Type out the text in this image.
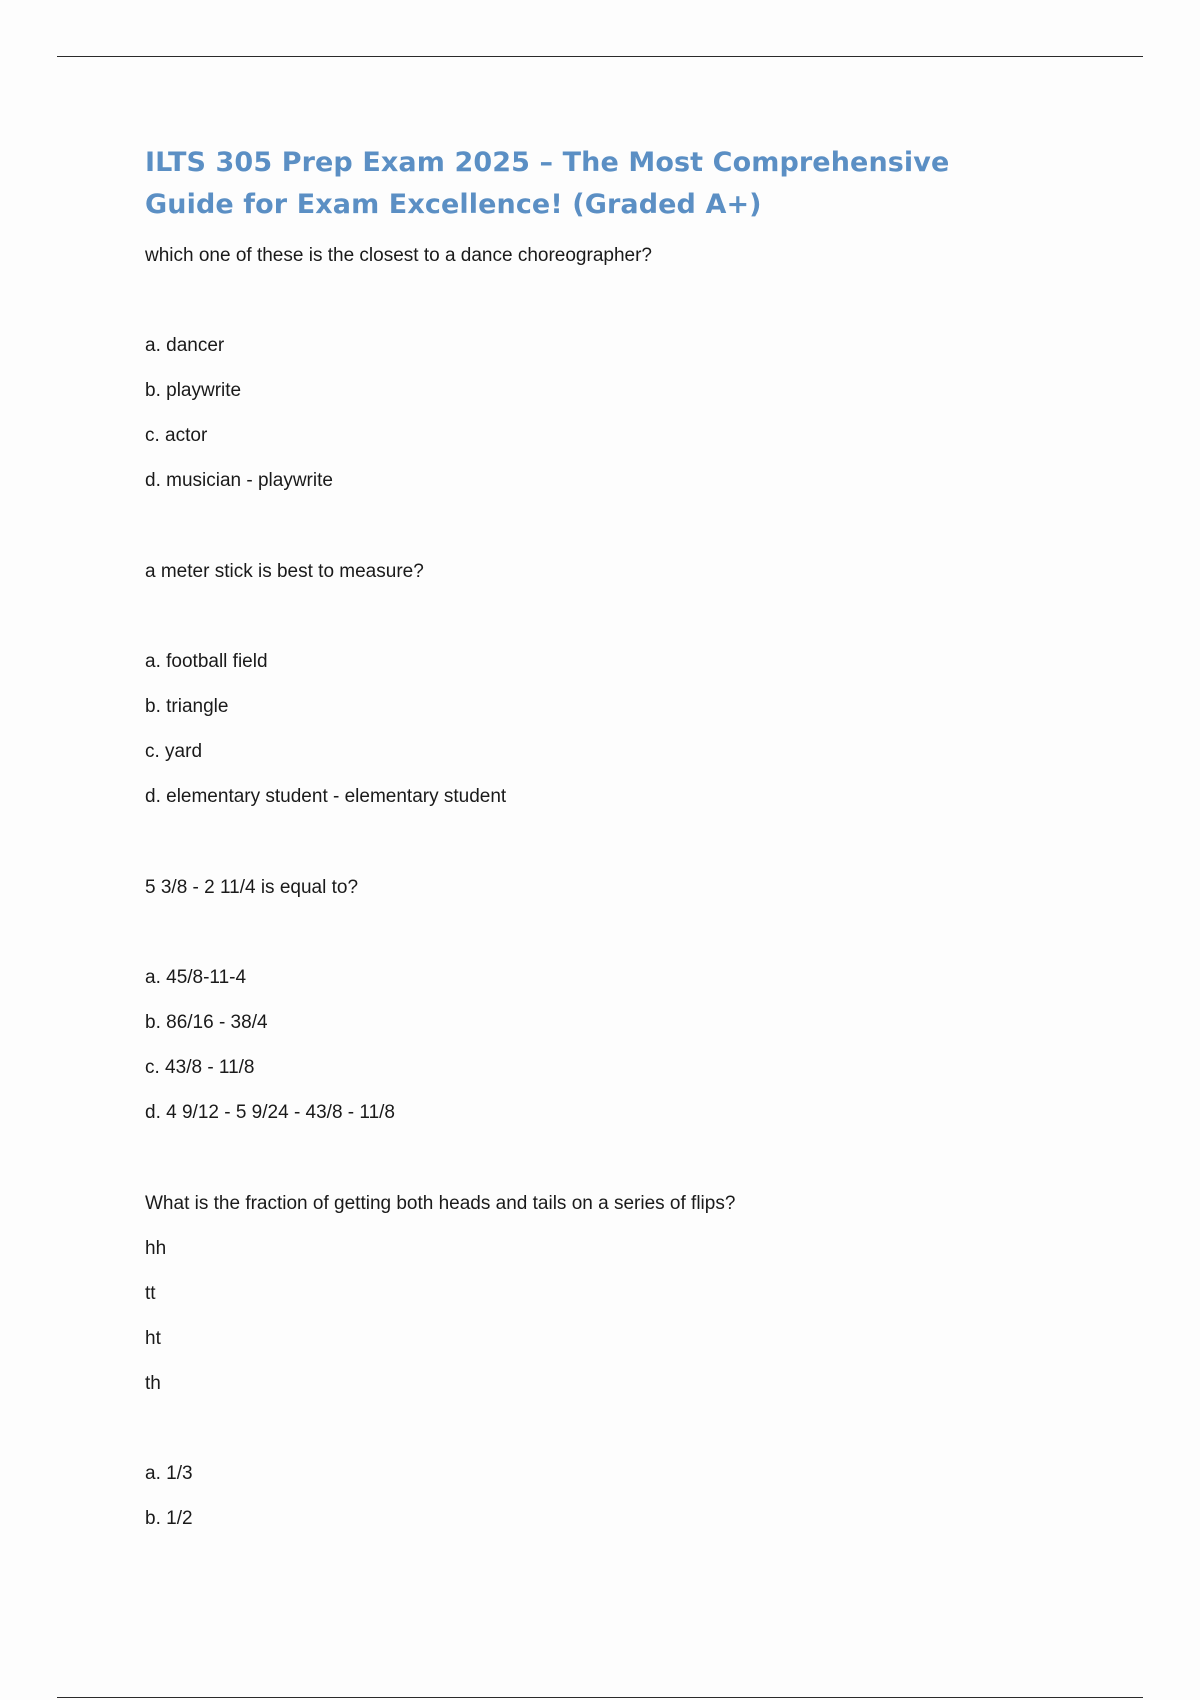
ILTS 305 Prep Exam 2025 – The Most Comprehensive
Guide for Exam Excellence! (Graded A+)

which one of these is the closest to a dance choreographer?

a. dancer

b. playwrite

c. actor

d. musician - playwrite

a meter stick is best to measure?

a. football field

b. triangle

c. yard

d. elementary student - elementary student

5 3/8 - 2 11/4 is equal to?

a. 45/8-11-4

b. 86/16 - 38/4

c. 43/8 - 11/8

d. 4 9/12 - 5 9/24 - 43/8 - 11/8

What is the fraction of getting both heads and tails on a series of flips?

hh

tt

ht

th

a. 1/3

b. 1/2
